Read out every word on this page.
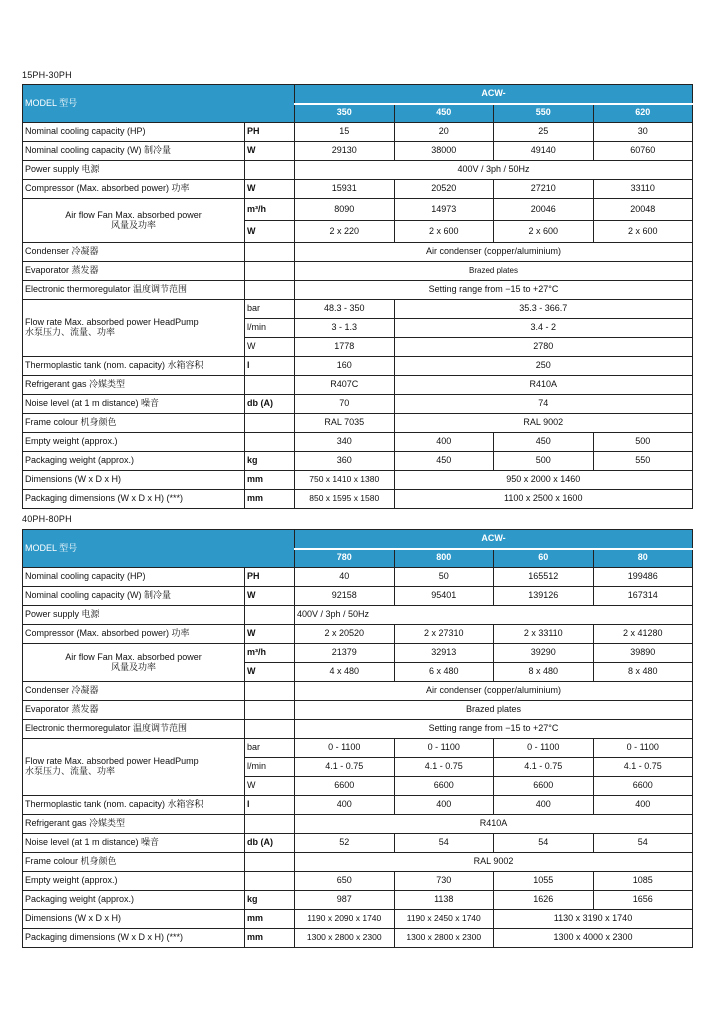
15PH-30PH
MODEL 型号		ACW-			
		350	450	550	620
Nominal cooling capacity (HP)	PH	15	20	25	30
Nominal cooling capacity (W) 制冷量	W	29130	38000	49140	60760
Power supply 电源		400V / 3ph / 50Hz			
Compressor (Max. absorbed power) 功率	W	15931	20520	27210	33110

Air flow Fan Max. absorbed power
风量及功率	m³/h	8090	14973	20046	20048
	W	2 x 220	2 x 600	2 x 600	2 x 600
Condenser 冷凝器		Air condenser (copper/aluminium)			
Evaporator 蒸发器		Brazed plates			
Electronic thermoregulator 温度调节范围		Setting range from −15 to +27°C			

Flow rate Max. absorbed power HeadPump
水泵压力、流量、功率	bar	48.3 - 350	35.3 - 366.7		
	l/min	3 - 1.3	3.4 - 2		
	W	1778	2780		
Thermoplastic tank (nom. capacity) 水箱容积	l	160	250		
Refrigerant gas 冷媒类型		R407C	R410A		
Noise level (at 1 m distance) 噪音	db (A)	70	74		
Frame colour 机身颜色		RAL 7035	RAL 9002		
Empty weight (approx.)		340	400	450	500
Packaging weight (approx.)	kg	360	450	500	550
Dimensions (W x D x H)	mm	750 x 1410 x 1380	950 x 2000 x 1460		
Packaging dimensions (W x D x H) (***)	mm	850 x 1595 x 1580	1100 x 2500 x 1600		
40PH-80PH
MODEL 型号		ACW-			
		780	800	60	80
Nominal cooling capacity (HP)	PH	40	50	165512	199486
Nominal cooling capacity (W) 制冷量	W	92158	95401	139126	167314
Power supply 电源		400V / 3ph / 50Hz			
Compressor (Max. absorbed power) 功率	W	2 x 20520	2 x 27310	2 x 33110	2 x 41280

Air flow Fan Max. absorbed power
风量及功率	m³/h	21379	32913	39290	39890
	W	4 x 480	6 x 480	8 x 480	8 x 480
Condenser 冷凝器		Air condenser (copper/aluminium)			
Evaporator 蒸发器		Brazed plates			
Electronic thermoregulator 温度调节范围		Setting range from −15 to +27°C			

Flow rate Max. absorbed power HeadPump
水泵压力、流量、功率	bar	0 - 1100	0 - 1100	0 - 1100	0 - 1100
	l/min	4.1 - 0.75	4.1 - 0.75	4.1 - 0.75	4.1 - 0.75
	W	6600	6600	6600	6600
Thermoplastic tank (nom. capacity) 水箱容积	l	400	400	400	400
Refrigerant gas 冷媒类型		R410A			
Noise level (at 1 m distance) 噪音	db (A)	52	54	54	54
Frame colour 机身颜色		RAL 9002			
Empty weight (approx.)		650	730	1055	1085
Packaging weight (approx.)	kg	987	1138	1626	1656
Dimensions (W x D x H)	mm	1190 x 2090 x 1740	1190 x 2450 x 1740	1130 x 3190 x 1740	
Packaging dimensions (W x D x H) (***)	mm	1300 x 2800 x 2300	1300 x 2800 x 2300	1300 x 4000 x 2300	
